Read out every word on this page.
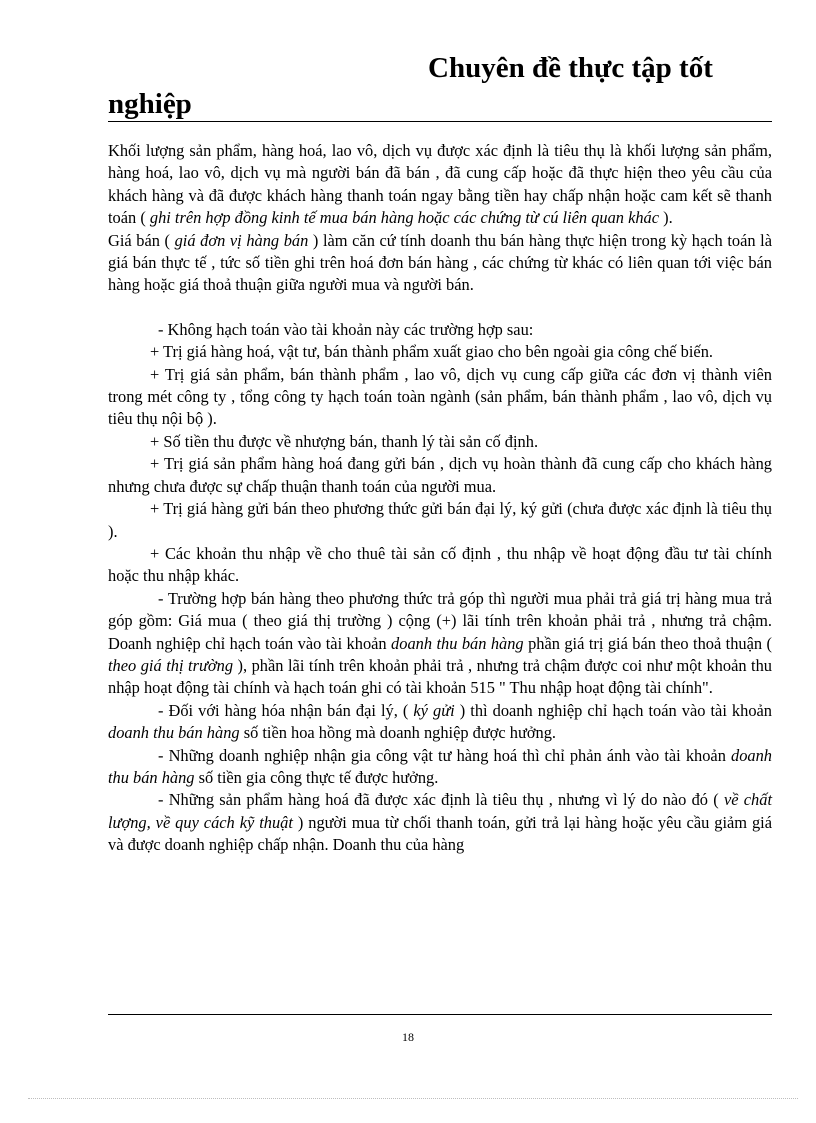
Chuyên đề thực tập tốt
nghiệp

Khối lượng sản phẩm, hàng hoá, lao vô, dịch vụ được xác định là tiêu thụ là khối lượng sản phẩm, hàng hoá, lao vô, dịch vụ mà người bán đã bán , đã cung cấp hoặc đã thực hiện theo yêu cầu của khách hàng và đã được khách hàng thanh toán ngay bằng tiền hay chấp nhận hoặc cam kết sẽ thanh toán ( ghi trên hợp đồng kinh tế mua bán hàng hoặc các chứng từ cú liên quan khác ).

Giá bán ( giá đơn vị hàng bán ) làm căn cứ tính doanh thu bán hàng thực hiện trong kỳ hạch toán là giá bán thực tế , tức số tiền ghi trên hoá đơn bán hàng , các chứng từ khác có liên quan tới việc bán hàng hoặc giá thoả thuận giữa người mua và người bán.

- Không hạch toán vào tài khoản này các trường hợp sau:

+ Trị giá hàng hoá, vật tư, bán thành phẩm xuất giao cho bên ngoài gia công chế biến.

+ Trị giá sản phẩm, bán thành phẩm , lao vô, dịch vụ cung cấp giữa các đơn vị thành viên trong mét công ty , tổng công ty hạch toán toàn ngành (sản phẩm, bán thành phẩm , lao vô, dịch vụ tiêu thụ nội bộ ).

+ Số tiền thu được về nhượng bán, thanh lý tài sản cố định.

+ Trị giá sản phẩm hàng hoá đang gửi bán , dịch vụ hoàn thành đã cung cấp cho khách hàng nhưng chưa được sự chấp thuận thanh toán của người mua.

+ Trị giá hàng gửi bán theo phương thức gửi bán đại lý, ký gửi (chưa được xác định là tiêu thụ ).

+ Các khoản thu nhập về cho thuê tài sản cố định , thu nhập về hoạt động đầu tư tài chính hoặc thu nhập khác.

- Trường hợp bán hàng theo phương thức trả góp thì người mua phải trả giá trị hàng mua trả góp gồm: Giá mua ( theo giá thị trường ) cộng (+) lãi tính trên khoản phải trả , nhưng trả chậm. Doanh nghiệp chỉ hạch toán vào tài khoản doanh thu bán hàng phần giá trị giá bán theo thoả thuận ( theo giá thị trường ), phần lãi tính trên khoản phải trả , nhưng trả chậm được coi như một khoản thu nhập hoạt động tài chính và hạch toán ghi có tài khoản 515 " Thu nhập hoạt động tài chính".

- Đối với hàng hóa nhận bán đại lý, ( ký gửi ) thì doanh nghiệp chỉ hạch toán vào tài khoản doanh thu bán hàng số tiền hoa hồng mà doanh nghiệp được hưởng.

- Những doanh nghiệp nhận gia công vật tư hàng hoá thì chỉ phản ánh vào tài khoản doanh thu bán hàng số tiền gia công thực tế được hưởng.

- Những sản phẩm hàng hoá đã được xác định là tiêu thụ , nhưng vì lý do nào đó ( về chất lượng, về quy cách kỹ thuật ) người mua từ chối thanh toán, gửi trả lại hàng hoặc yêu cầu giảm giá và được doanh nghiệp chấp nhận. Doanh thu của hàng

18
